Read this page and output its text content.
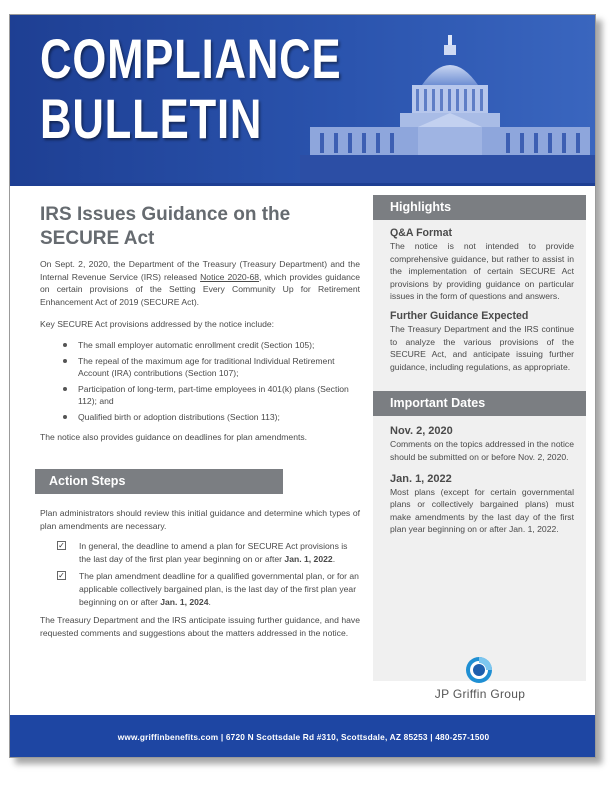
COMPLIANCE
BULLETIN
IRS Issues Guidance on the SECURE Act

On Sept. 2, 2020, the Department of the Treasury (Treasury Department) and the Internal Revenue Service (IRS) released Notice 2020-68, which provides guidance on certain provisions of the Setting Every Community Up for Retirement Enhancement Act of 2019 (SECURE Act).

Key SECURE Act provisions addressed by the notice include:

The small employer automatic enrollment credit (Section 105);
The repeal of the maximum age for traditional Individual Retirement Account (IRA) contributions (Section 107);
Participation of long-term, part-time employees in 401(k) plans (Section 112); and
Qualified birth or adoption distributions (Section 113);

The notice also provides guidance on deadlines for plan amendments.

Action Steps

Plan administrators should review this initial guidance and determine which types of plan amendments are necessary.

✓ In general, the deadline to amend a plan for SECURE Act provisions is the last day of the first plan year beginning on or after Jan. 1, 2022.
✓ The plan amendment deadline for a qualified governmental plan, or for an applicable collectively bargained plan, is the last day of the first plan year beginning on or after Jan. 1, 2024.

The Treasury Department and the IRS anticipate issuing further guidance, and have requested comments and suggestions about the matters addressed in the notice.

Highlights
Q&A Format

The notice is not intended to provide comprehensive guidance, but rather to assist in the implementation of certain SECURE Act provisions by providing guidance on particular issues in the form of questions and answers.

Further Guidance Expected

The Treasury Department and the IRS continue to analyze the various provisions of the SECURE Act, and anticipate issuing further guidance, including regulations, as appropriate.

Important Dates
Nov. 2, 2020

Comments on the topics addressed in the notice should be submitted on or before Nov. 2, 2020.

Jan. 1, 2022

Most plans (except for certain governmental plans or collectively bargained plans) must make amendments by the last day of the first plan year beginning on or after Jan. 1, 2022.

JP Griffin Group
www.griffinbenefits.com | 6720 N Scottsdale Rd #310, Scottsdale, AZ 85253 | 480-257-1500
